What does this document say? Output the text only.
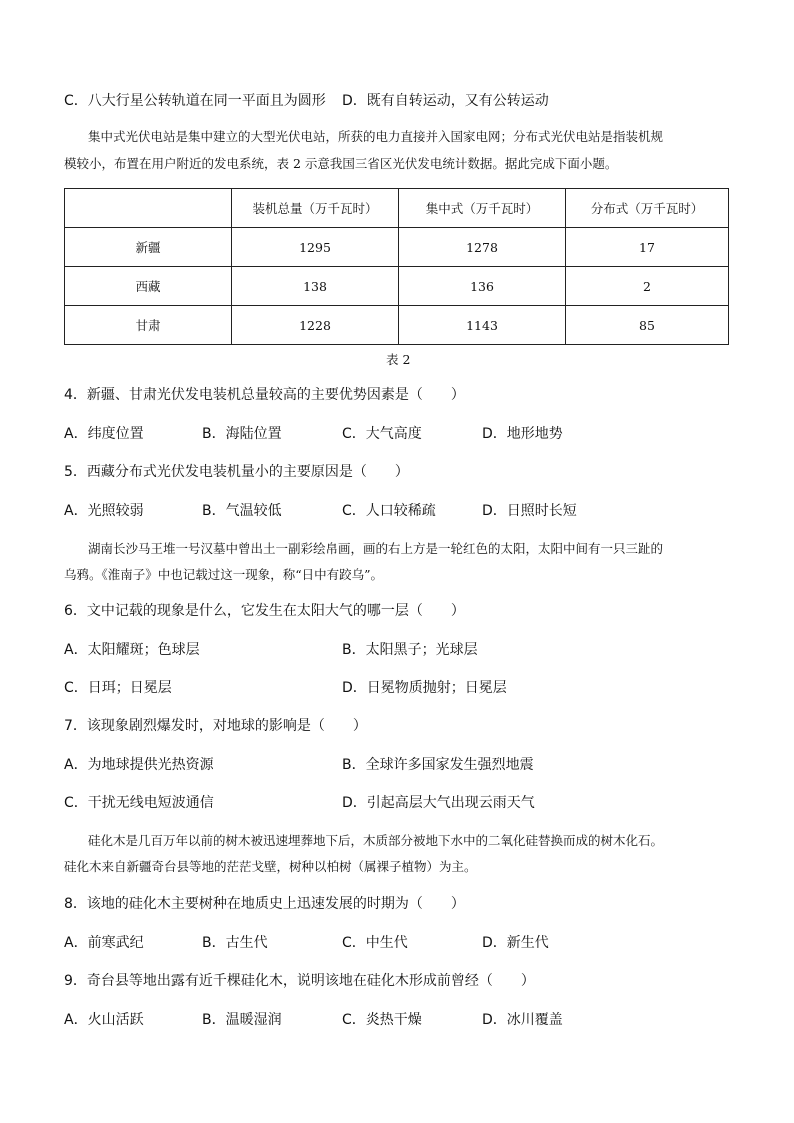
C．八大行星公转轨道在同一平面且为圆形 D．既有自转运动，又有公转运动
集中式光伏电站是集中建立的大型光伏电站，所获的电力直接并入国家电网；分布式光伏电站是指装机规
模较小，布置在用户附近的发电系统，表 2 示意我国三省区光伏发电统计数据。据此完成下面小题。
	装机总量（万千瓦时）	集中式（万千瓦时）	分布式（万千瓦时）
新疆	1295	1278	17
西藏	138	136	2
甘肃	1228	1143	85
表 2
4．新疆、甘肃光伏发电装机总量较高的主要优势因素是（　　）
A．纬度位置	B．海陆位置	C．大气高度	D．地形地势
5．西藏分布式光伏发电装机量小的主要原因是（　　）
A．光照较弱	B．气温较低	C．人口较稀疏	D．日照时长短
湖南长沙马王堆一号汉墓中曾出土一副彩绘帛画，画的右上方是一轮红色的太阳，太阳中间有一只三趾的
乌鸦。《淮南子》中也记载过这一现象，称“日中有跤乌”。
6．文中记载的现象是什么，它发生在太阳大气的哪一层（　　）
A．太阳耀斑；色球层	B．太阳黑子；光球层
C．日珥；日冕层	D．日冕物质抛射；日冕层
7．该现象剧烈爆发时，对地球的影响是（　　）
A．为地球提供光热资源	B．全球许多国家发生强烈地震
C．干扰无线电短波通信	D．引起高层大气出现云雨天气
硅化木是几百万年以前的树木被迅速埋葬地下后，木质部分被地下水中的二氧化硅替换而成的树木化石。
硅化木来自新疆奇台县等地的茫茫戈壁，树种以柏树（属裸子植物）为主。
8．该地的硅化木主要树种在地质史上迅速发展的时期为（　　）
A．前寒武纪	B．古生代	C．中生代	D．新生代
9．奇台县等地出露有近千棵硅化木，说明该地在硅化木形成前曾经（　　）
A．火山活跃	B．温暖湿润	C．炎热干燥	D．冰川覆盖
